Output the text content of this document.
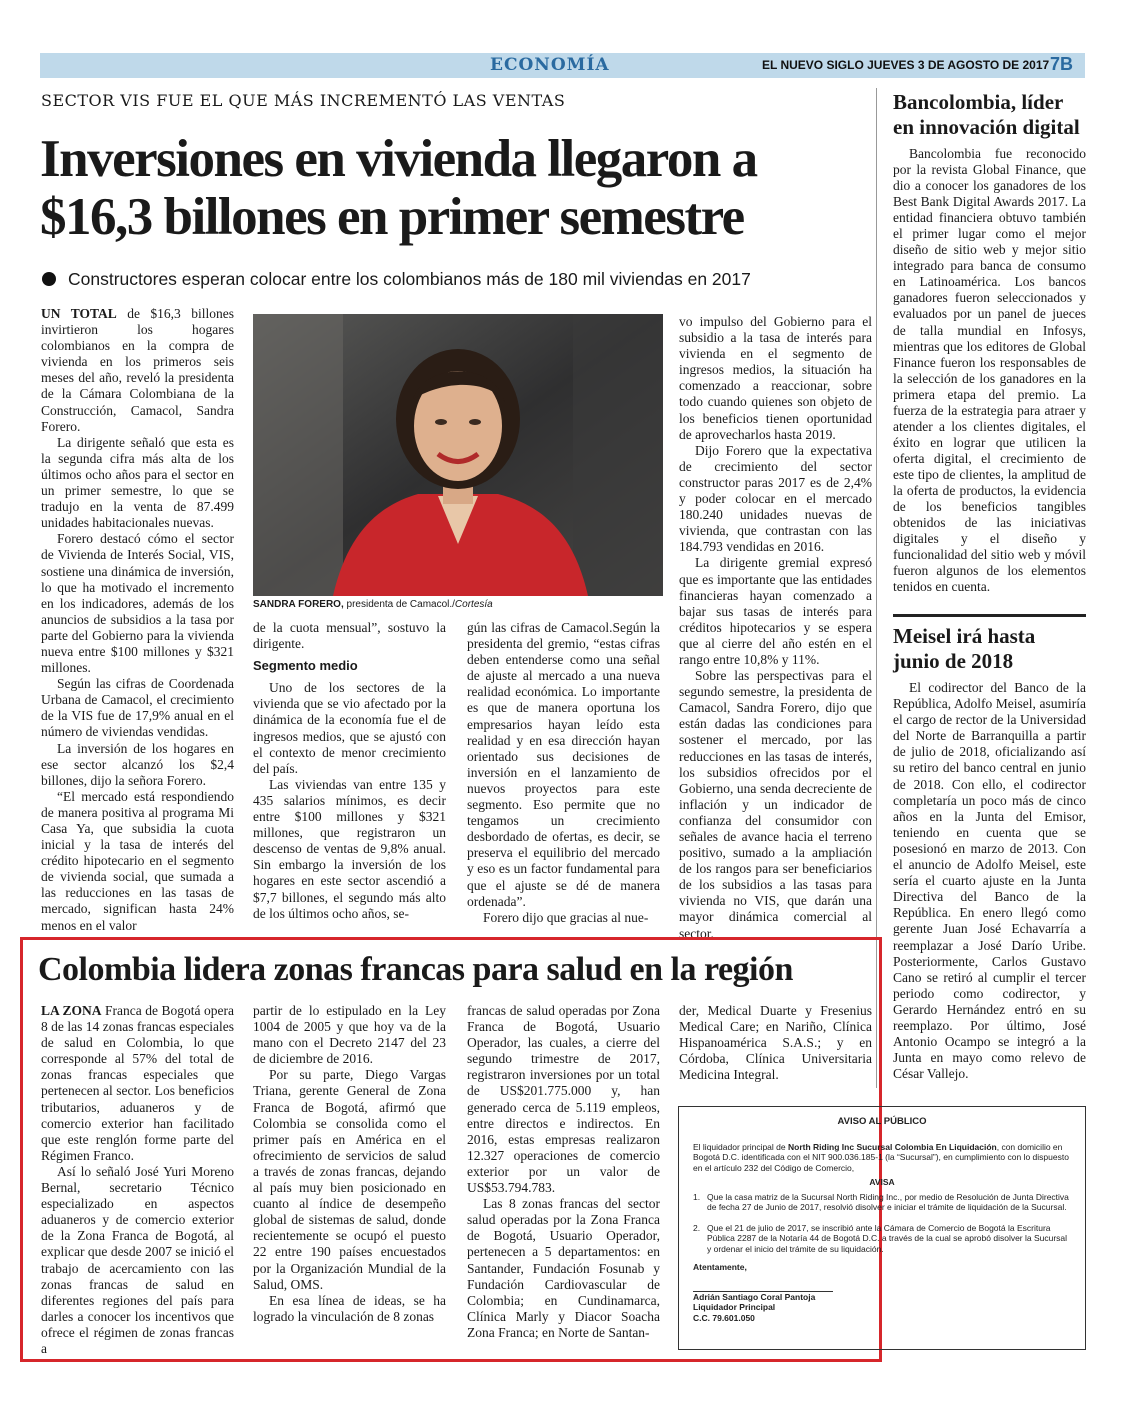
ECONOMÍA	EL NUEVO SIGLO JUEVES 3 DE AGOSTO DE 2017 7B
SECTOR VIS FUE EL QUE MÁS INCREMENTÓ LAS VENTAS
Inversiones en vivienda llegaron a
$16,3 billones en primer semestre
Constructores esperan colocar entre los colombianos más de 180 mil viviendas en 2017

UN TOTAL de $16,3 billones invirtieron los hogares colombianos en la compra de vivienda en los primeros seis meses del año, reveló la presidenta de la Cámara Colombiana de la Construcción, Camacol, Sandra Forero.

La dirigente señaló que esta es la segunda cifra más alta de los últimos ocho años para el sector en un primer semestre, lo que se tradujo en la venta de 87.499 unidades habitacionales nuevas.

Forero destacó cómo el sector de Vivienda de Interés Social, VIS, sostiene una dinámica de inversión, lo que ha motivado el incremento en los indicadores, además de los anuncios de subsidios a la tasa por parte del Gobierno para la vivienda nueva entre $100 millones y $321 millones.

Según las cifras de Coordenada Urbana de Camacol, el crecimiento de la VIS fue de 17,9% anual en el número de viviendas vendidas.

La inversión de los hogares en ese sector alcanzó los $2,4 billones, dijo la señora Forero.

“El mercado está respondiendo de manera positiva al programa Mi Casa Ya, que subsidia la cuota inicial y la tasa de interés del crédito hipotecario en el segmento de vivienda social, que sumada a las reducciones en las tasas de mercado, significan hasta 24% menos en el valor

SANDRA FORERO, presidenta de Camacol./Cortesía

de la cuota mensual”, sostuvo la dirigente.

Segmento medio

Uno de los sectores de la vivienda que se vio afectado por la dinámica de la economía fue el de ingresos medios, que se ajustó con el contexto de menor crecimiento del país.

Las viviendas van entre 135 y 435 salarios mínimos, es decir entre $100 millones y $321 millones, que registraron un descenso de ventas de 9,8% anual. Sin embargo la inversión de los hogares en este sector ascendió a $7,7 billones, el segundo más alto de los últimos ocho años, se-

gún las cifras de Camacol.Según la presidenta del gremio, “estas cifras deben entenderse como una señal de ajuste al mercado a una nueva realidad económica. Lo importante es que de manera oportuna los empresarios hayan leído esta realidad y en esa dirección hayan orientado sus decisiones de inversión en el lanzamiento de nuevos proyectos para este segmento. Eso permite que no tengamos un crecimiento desbordado de ofertas, es decir, se preserva el equilibrio del mercado y eso es un factor fundamental para que el ajuste se dé de manera ordenada”.

Forero dijo que gracias al nue-

vo impulso del Gobierno para el subsidio a la tasa de interés para vivienda en el segmento de ingresos medios, la situación ha comenzado a reaccionar, sobre todo cuando quienes son objeto de los beneficios tienen oportunidad de aprovecharlos hasta 2019.

Dijo Forero que la expectativa de crecimiento del sector constructor paras 2017 es de 2,4% y poder colocar en el mercado 180.240 unidades nuevas de vivienda, que contrastan con las 184.793 vendidas en 2016.

La dirigente gremial expresó que es importante que las entidades financieras hayan comenzado a bajar sus tasas de interés para créditos hipotecarios y se espera que al cierre del año estén en el rango entre 10,8% y 11%.

Sobre las perspectivas para el segundo semestre, la presidenta de Camacol, Sandra Forero, dijo que están dadas las condiciones para sostener el mercado, por las reducciones en las tasas de interés, los subsidios ofrecidos por el Gobierno, una senda decreciente de inflación y un indicador de confianza del consumidor con señales de avance hacia el terreno positivo, sumado a la ampliación de los rangos para ser beneficiarios de los subsidios a las tasas para vivienda no VIS, que darán una mayor dinámica comercial al sector.

Bancolombia, líder
en innovación digital

Bancolombia fue reconocido por la revista Global Finance, que dio a conocer los ganadores de los Best Bank Digital Awards 2017. La entidad financiera obtuvo también el primer lugar como el mejor diseño de sitio web y mejor sitio integrado para banca de consumo en Latinoamérica. Los bancos ganadores fueron seleccionados y evaluados por un panel de jueces de talla mundial en Infosys, mientras que los editores de Global Finance fueron los responsables de la selección de los ganadores en la primera etapa del premio. La fuerza de la estrategia para atraer y atender a los clientes digitales, el éxito en lograr que utilicen la oferta digital, el crecimiento de este tipo de clientes, la amplitud de la oferta de productos, la evidencia de los beneficios tangibles obtenidos de las iniciativas digitales y el diseño y funcionalidad del sitio web y móvil fueron algunos de los elementos tenidos en cuenta.

Meisel irá hasta
junio de 2018

El codirector del Banco de la República, Adolfo Meisel, asumiría el cargo de rector de la Universidad del Norte de Barranquilla a partir de julio de 2018, oficializando así su retiro del banco central en junio de 2018. Con ello, el codirector completaría un poco más de cinco años en la Junta del Emisor, teniendo en cuenta que se posesionó en marzo de 2013. Con el anuncio de Adolfo Meisel, este sería el cuarto ajuste en la Junta Directiva del Banco de la República. En enero llegó como gerente Juan José Echavarría a reemplazar a José Darío Uribe. Posteriormente, Carlos Gustavo Cano se retiró al cumplir el tercer periodo como codirector, y Gerardo Hernández entró en su reemplazo. Por último, José Antonio Ocampo se integró a la Junta en mayo como relevo de César Vallejo.

Colombia lidera zonas francas para salud en la región

LA ZONA Franca de Bogotá opera 8 de las 14 zonas francas especiales de salud en Colombia, lo que corresponde al 57% del total de zonas francas especiales que pertenecen al sector. Los beneficios tributarios, aduaneros y de comercio exterior han facilitado que este renglón forme parte del Régimen Franco.

Así lo señaló José Yuri Moreno Bernal, secretario Técnico especializado en aspectos aduaneros y de comercio exterior de la Zona Franca de Bogotá, al explicar que desde 2007 se inició el trabajo de acercamiento con las zonas francas de salud en diferentes regiones del país para darles a conocer los incentivos que ofrece el régimen de zonas francas a

partir de lo estipulado en la Ley 1004 de 2005 y que hoy va de la mano con el Decreto 2147 del 23 de diciembre de 2016.

Por su parte, Diego Vargas Triana, gerente General de Zona Franca de Bogotá, afirmó que Colombia se consolida como el primer país en América en el ofrecimiento de servicios de salud a través de zonas francas, dejando al país muy bien posicionado en cuanto al índice de desempeño global de sistemas de salud, donde recientemente se ocupó el puesto 22 entre 190 países encuestados por la Organización Mundial de la Salud, OMS.

En esa línea de ideas, se ha logrado la vinculación de 8 zonas

francas de salud operadas por Zona Franca de Bogotá, Usuario Operador, las cuales, a cierre del segundo trimestre de 2017, registraron inversiones por un total de US$201.775.000 y, han generado cerca de 5.119 empleos, entre directos e indirectos. En 2016, estas empresas realizaron 12.327 operaciones de comercio exterior por un valor de US$53.794.783.

Las 8 zonas francas del sector salud operadas por la Zona Franca de Bogotá, Usuario Operador, pertenecen a 5 departamentos: en Santander, Fundación Fosunab y Fundación Cardiovascular de Colombia; en Cundinamarca, Clínica Marly y Diacor Soacha Zona Franca; en Norte de Santan-

der, Medical Duarte y Fresenius Medical Care; en Nariño, Clínica Hispanoamérica S.A.S.; y en Córdoba, Clínica Universitaria Medicina Integral.

AVISO AL PÚBLICO
El liquidador principal de North Riding Inc Sucursal Colombia En Liquidación, con domicilio en Bogotá D.C. identificada con el NIT 900.036.185-1 (la “Sucursal”), en cumplimiento con lo dispuesto en el artículo 232 del Código de Comercio,
AVISA
1. Que la casa matriz de la Sucursal North Riding Inc., por medio de Resolución de Junta Directiva de fecha 27 de Junio de 2017, resolvió disolver e iniciar el trámite de liquidación de la Sucursal.
2. Que el 21 de julio de 2017, se inscribió ante la Cámara de Comercio de Bogotá la Escritura Pública 2287 de la Notaría 44 de Bogotá D.C. a través de la cual se aprobó disolver la Sucursal y ordenar el inicio del trámite de su liquidación.
Atentamente,
Adrián Santiago Coral Pantoja
Liquidador Principal
C.C. 79.601.050
